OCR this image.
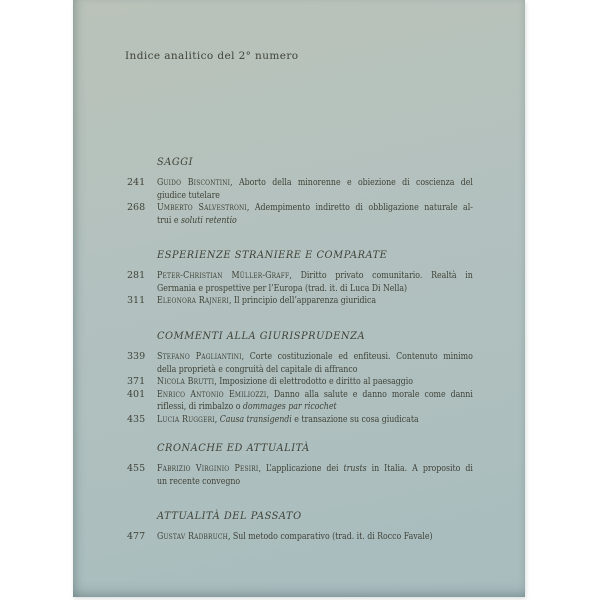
Indice analitico del 2° numero
SAGGI
241	Guido Biscontini, Aborto della minorenne e obiezione di coscienza del
giudice tutelare
268	Umberto Salvestroni, Adempimento indiretto di obbligazione naturale al-
trui e soluti retentio
ESPERIENZE STRANIERE E COMPARATE
281	Peter-Christian Müller-Graff, Diritto privato comunitario. Realtà in
Germania e prospettive per l’Europa (trad. it. di Luca Di Nella)
311	Eleonora Rajneri, Il principio dell’apparenza giuridica
COMMENTI ALLA GIURISPRUDENZA
339	Stefano Pagliantini, Corte costituzionale ed enfiteusi. Contenuto minimo
della proprietà e congruità del capitale di affranco
371	Nicola Brutti, Imposizione di elettrodotto e diritto al paesaggio
401	Enrico Antonio Emiliozzi, Danno alla salute e danno morale come danni
riflessi, di rimbalzo o dommages par ricochet
435	Lucia Ruggeri, Causa transigendi e transazione su cosa giudicata
CRONACHE ED ATTUALITÀ
455	Fabrizio Virginio Pesiri, L’applicazione dei trusts in Italia. A proposito di
un recente convegno
ATTUALITÀ DEL PASSATO
477	Gustav Radbruch, Sul metodo comparativo (trad. it. di Rocco Favale)
